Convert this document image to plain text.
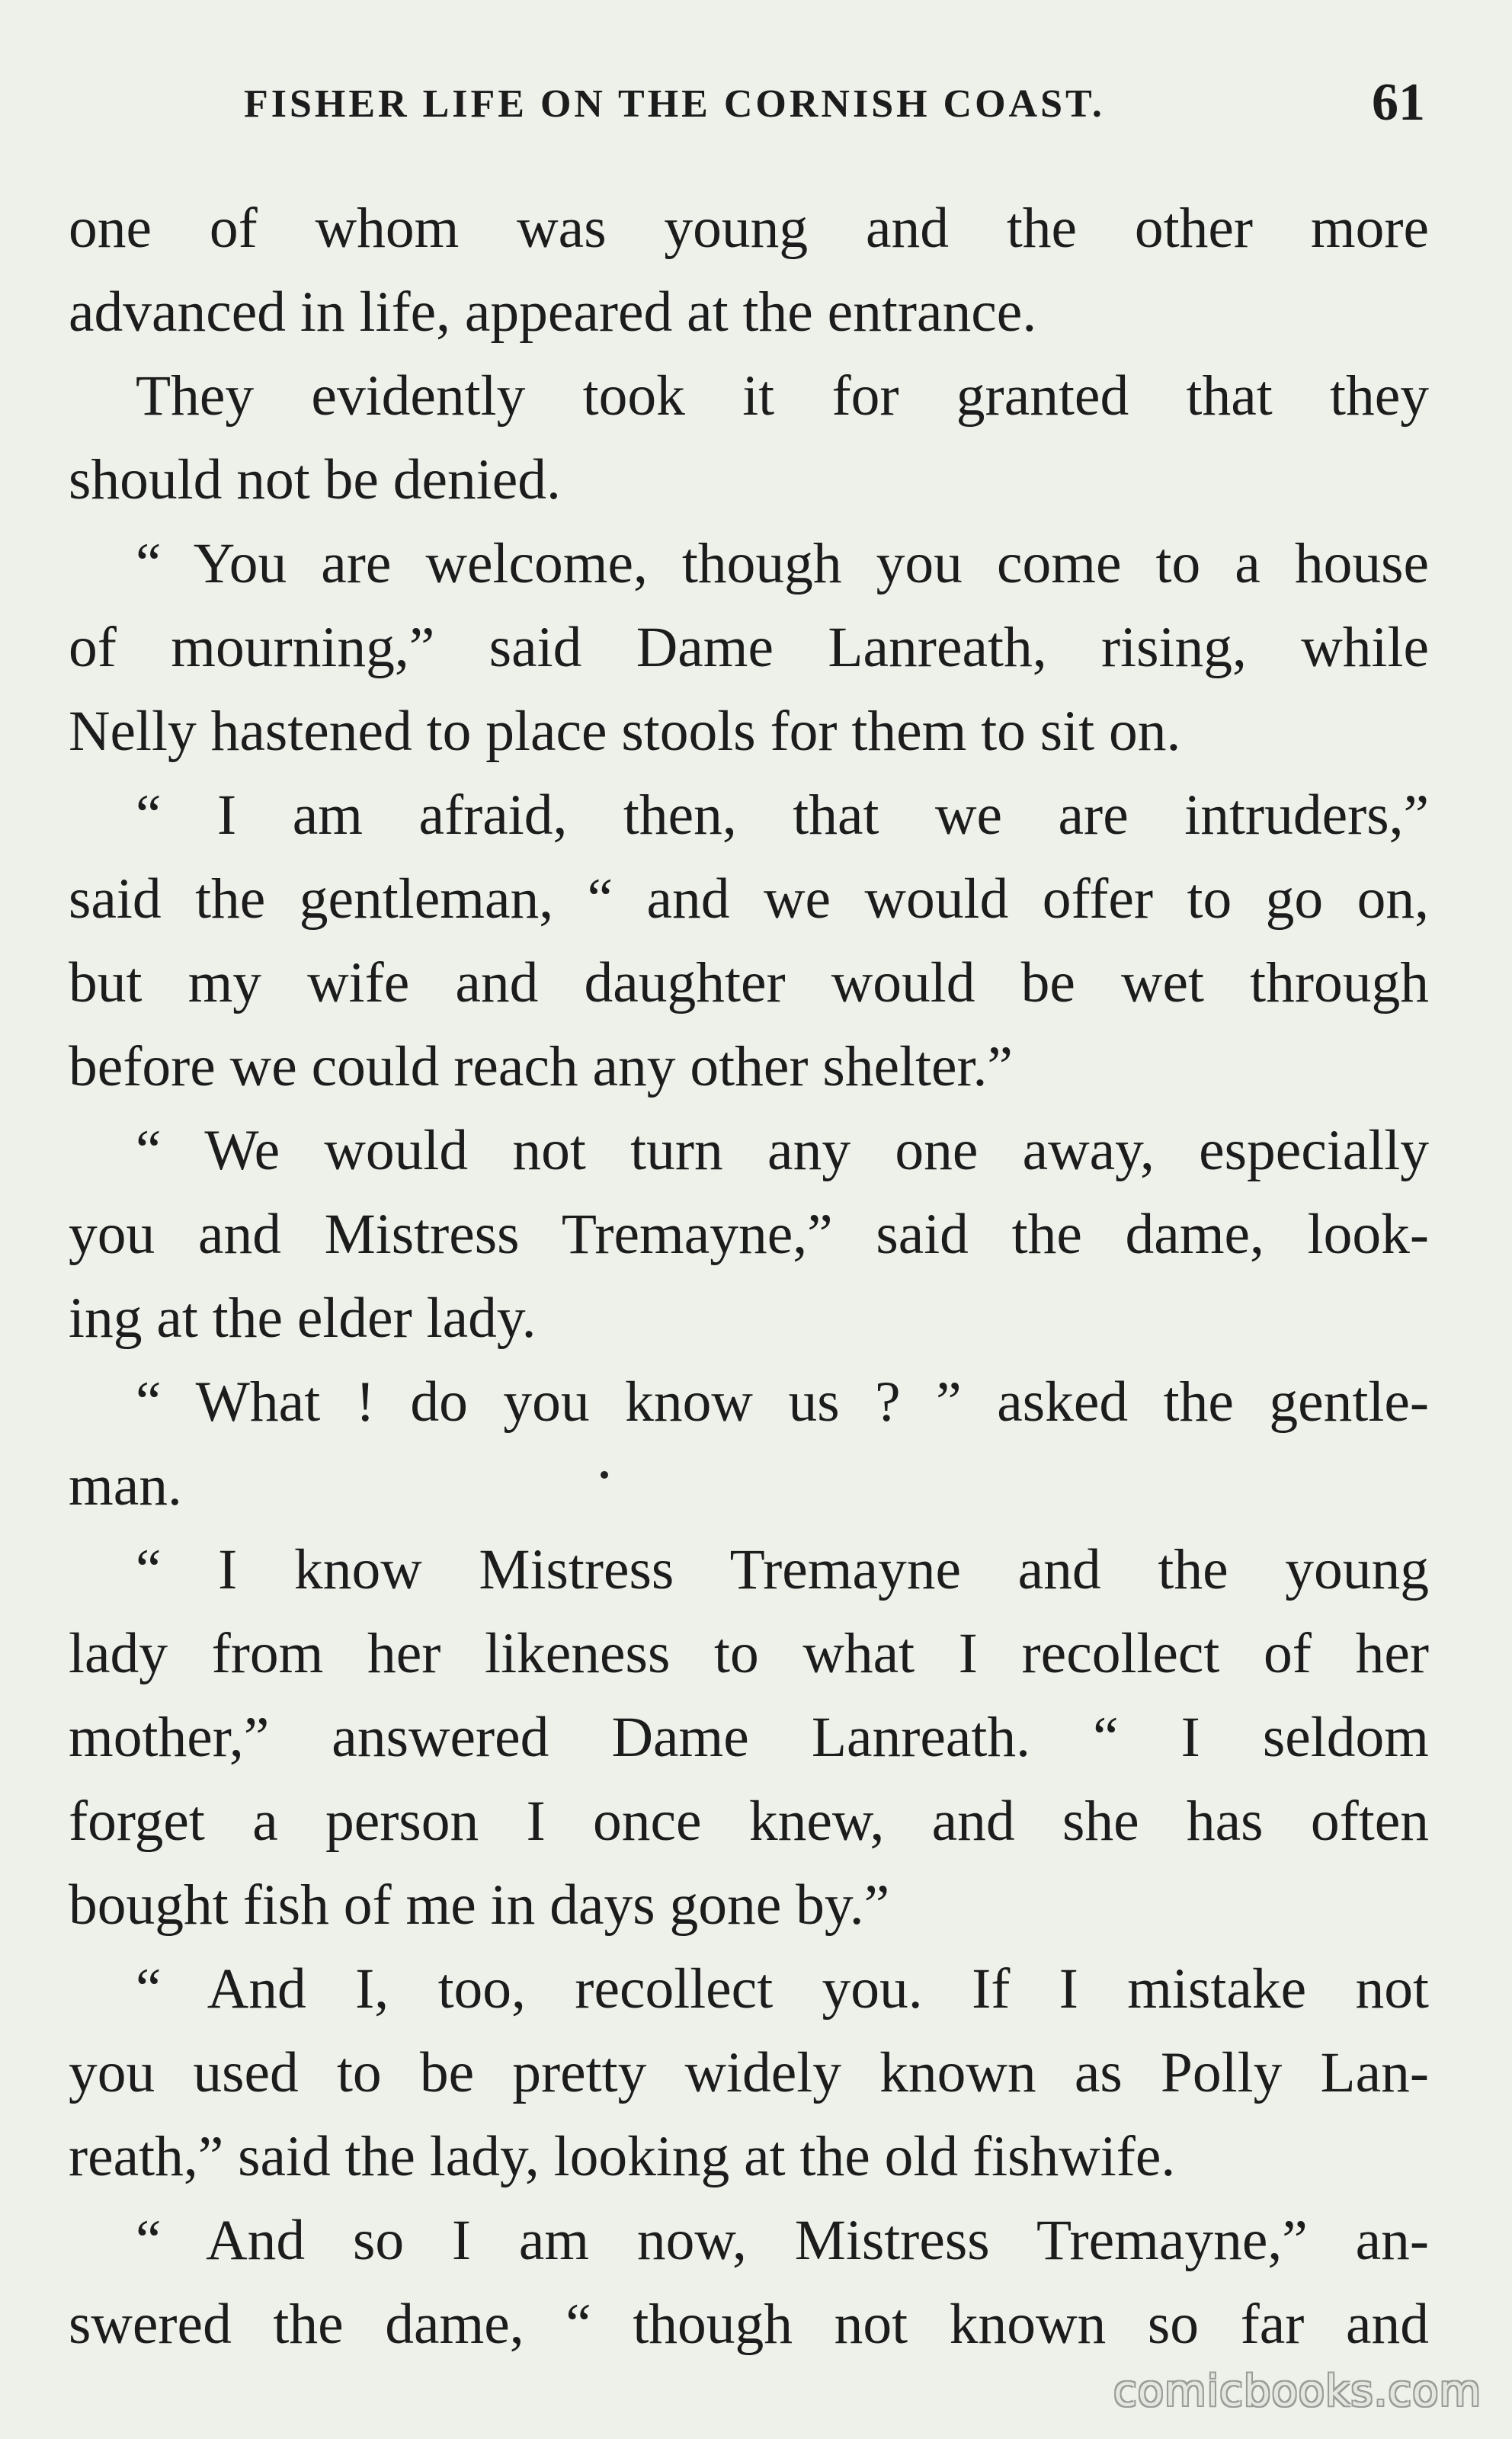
FISHER LIFE ON THE CORNISH COAST.	61
one of whom was young and the other more
advanced in life, appeared at the entrance.
They evidently took it for granted that they
should not be denied.
“ You are welcome, though you come to a house
of mourning,” said Dame Lanreath, rising, while
Nelly hastened to place stools for them to sit on.
“ I am afraid, then, that we are intruders,”
said the gentleman, “ and we would offer to go on,
but my wife and daughter would be wet through
before we could reach any other shelter.”
“ We would not turn any one away, especially
you and Mistress Tremayne,” said the dame, look-
ing at the elder lady.
“ What ! do you know us ? ” asked the gentle-
man.
“ I know Mistress Tremayne and the young
lady from her likeness to what I recollect of her
mother,” answered Dame Lanreath. “ I seldom
forget a person I once knew, and she has often
bought fish of me in days gone by.”
“ And I, too, recollect you. If I mistake not
you used to be pretty widely known as Polly Lan-
reath,” said the lady, looking at the old fishwife.
“ And so I am now, Mistress Tremayne,” an-
swered the dame, “ though not known so far and
comicbooks.com
